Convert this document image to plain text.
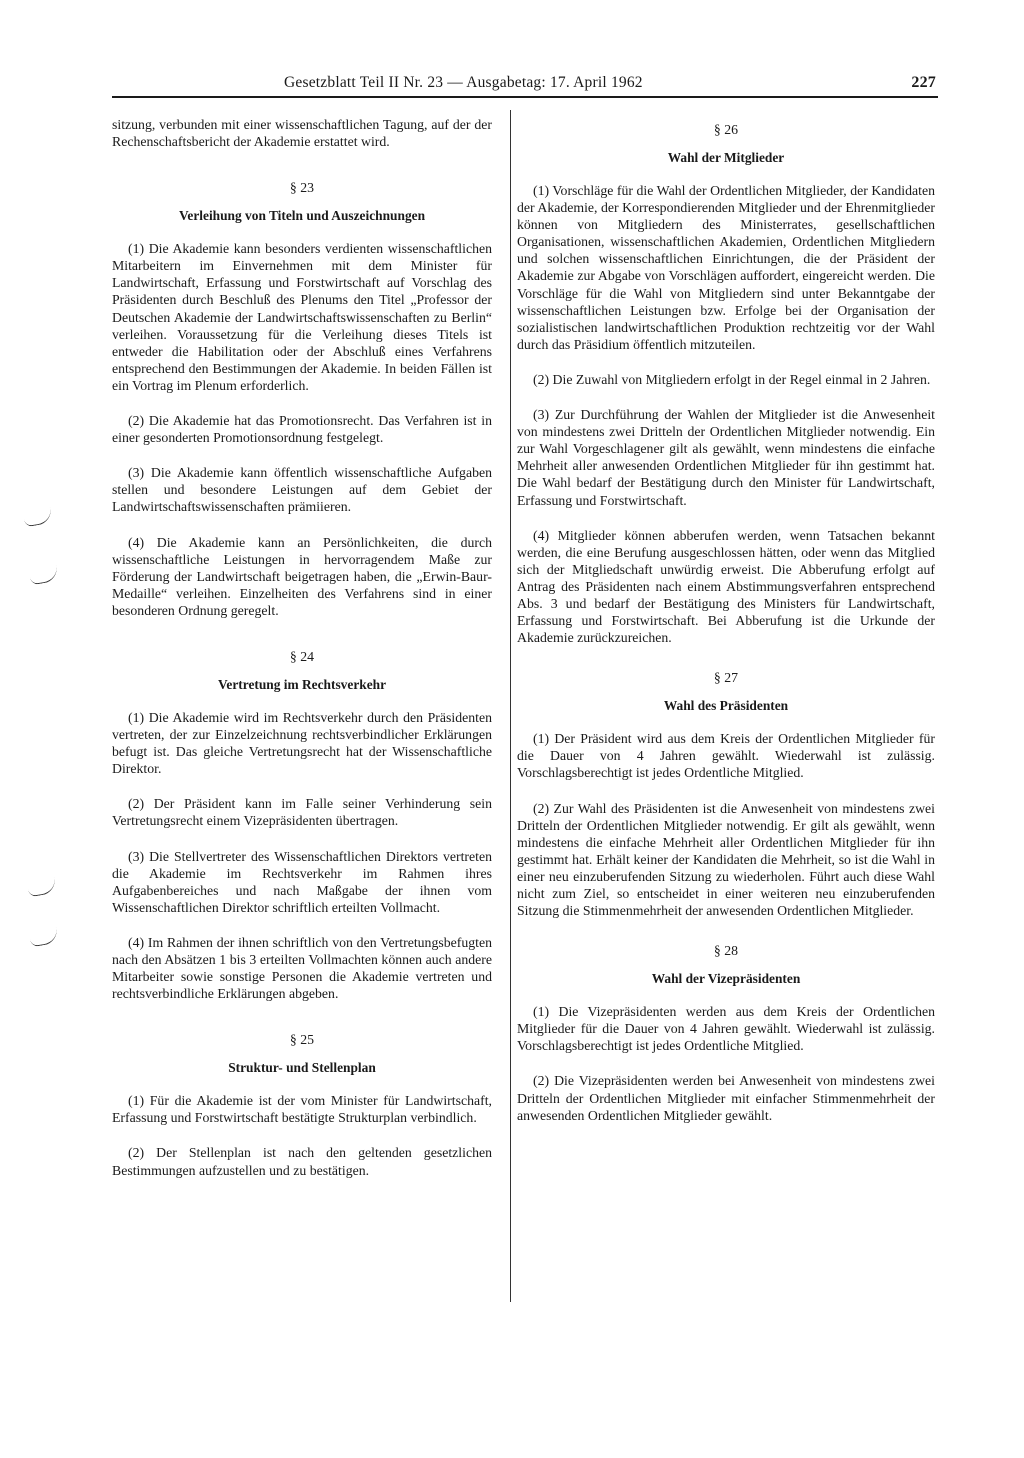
Gesetzblatt Teil II Nr. 23 — Ausgabetag: 17. April 1962	227

sitzung, verbunden mit einer wissenschaftlichen Tagung, auf der der Rechenschaftsbericht der Akademie erstattet wird.

§ 23
Verleihung von Titeln und Auszeichnungen

(1) Die Akademie kann besonders verdienten wissenschaftlichen Mitarbeitern im Einvernehmen mit dem Minister für Landwirtschaft, Erfassung und Forstwirtschaft auf Vorschlag des Präsidenten durch Beschluß des Plenums den Titel „Professor der Deutschen Akademie der Landwirtschaftswissenschaften zu Berlin“ verleihen. Voraussetzung für die Verleihung dieses Titels ist entweder die Habilitation oder der Abschluß eines Verfahrens entsprechend den Bestimmungen der Akademie. In beiden Fällen ist ein Vortrag im Plenum erforderlich.

(2) Die Akademie hat das Promotionsrecht. Das Verfahren ist in einer gesonderten Promotionsordnung festgelegt.

(3) Die Akademie kann öffentlich wissenschaftliche Aufgaben stellen und besondere Leistungen auf dem Gebiet der Landwirtschaftswissenschaften prämiieren.

(4) Die Akademie kann an Persönlichkeiten, die durch wissenschaftliche Leistungen in hervorragendem Maße zur Förderung der Landwirtschaft beigetragen haben, die „Erwin-Baur-Medaille“ verleihen. Einzelheiten des Verfahrens sind in einer besonderen Ordnung geregelt.

§ 24
Vertretung im Rechtsverkehr

(1) Die Akademie wird im Rechtsverkehr durch den Präsidenten vertreten, der zur Einzelzeichnung rechtsverbindlicher Erklärungen befugt ist. Das gleiche Vertretungsrecht hat der Wissenschaftliche Direktor.

(2) Der Präsident kann im Falle seiner Verhinderung sein Vertretungsrecht einem Vizepräsidenten übertragen.

(3) Die Stellvertreter des Wissenschaftlichen Direktors vertreten die Akademie im Rechtsverkehr im Rahmen ihres Aufgabenbereiches und nach Maßgabe der ihnen vom Wissenschaftlichen Direktor schriftlich erteilten Vollmacht.

(4) Im Rahmen der ihnen schriftlich von den Vertretungsbefugten nach den Absätzen 1 bis 3 erteilten Vollmachten können auch andere Mitarbeiter sowie sonstige Personen die Akademie vertreten und rechtsverbindliche Erklärungen abgeben.

§ 25
Struktur- und Stellenplan

(1) Für die Akademie ist der vom Minister für Landwirtschaft, Erfassung und Forstwirtschaft bestätigte Strukturplan verbindlich.

(2) Der Stellenplan ist nach den geltenden gesetzlichen Bestimmungen aufzustellen und zu bestätigen.

§ 26
Wahl der Mitglieder

(1) Vorschläge für die Wahl der Ordentlichen Mitglieder, der Kandidaten der Akademie, der Korrespondierenden Mitglieder und der Ehrenmitglieder können von Mitgliedern des Ministerrates, gesellschaftlichen Organisationen, wissenschaftlichen Akademien, Ordentlichen Mitgliedern und solchen wissenschaftlichen Einrichtungen, die der Präsident der Akademie zur Abgabe von Vorschlägen auffordert, eingereicht werden. Die Vorschläge für die Wahl von Mitgliedern sind unter Bekanntgabe der wissenschaftlichen Leistungen bzw. Erfolge bei der Organisation der sozialistischen landwirtschaftlichen Produktion rechtzeitig vor der Wahl durch das Präsidium öffentlich mitzuteilen.

(2) Die Zuwahl von Mitgliedern erfolgt in der Regel einmal in 2 Jahren.

(3) Zur Durchführung der Wahlen der Mitglieder ist die Anwesenheit von mindestens zwei Dritteln der Ordentlichen Mitglieder notwendig. Ein zur Wahl Vorgeschlagener gilt als gewählt, wenn mindestens die einfache Mehrheit aller anwesenden Ordentlichen Mitglieder für ihn gestimmt hat. Die Wahl bedarf der Bestätigung durch den Minister für Landwirtschaft, Erfassung und Forstwirtschaft.

(4) Mitglieder können abberufen werden, wenn Tatsachen bekannt werden, die eine Berufung ausgeschlossen hätten, oder wenn das Mitglied sich der Mitgliedschaft unwürdig erweist. Die Abberufung erfolgt auf Antrag des Präsidenten nach einem Abstimmungsverfahren entsprechend Abs. 3 und bedarf der Bestätigung des Ministers für Landwirtschaft, Erfassung und Forstwirtschaft. Bei Abberufung ist die Urkunde der Akademie zurückzureichen.

§ 27
Wahl des Präsidenten

(1) Der Präsident wird aus dem Kreis der Ordentlichen Mitglieder für die Dauer von 4 Jahren gewählt. Wiederwahl ist zulässig. Vorschlagsberechtigt ist jedes Ordentliche Mitglied.

(2) Zur Wahl des Präsidenten ist die Anwesenheit von mindestens zwei Dritteln der Ordentlichen Mitglieder notwendig. Er gilt als gewählt, wenn mindestens die einfache Mehrheit aller Ordentlichen Mitglieder für ihn gestimmt hat. Erhält keiner der Kandidaten die Mehrheit, so ist die Wahl in einer neu einzuberufenden Sitzung zu wiederholen. Führt auch diese Wahl nicht zum Ziel, so entscheidet in einer weiteren neu einzuberufenden Sitzung die Stimmenmehrheit der anwesenden Ordentlichen Mitglieder.

§ 28
Wahl der Vizepräsidenten

(1) Die Vizepräsidenten werden aus dem Kreis der Ordentlichen Mitglieder für die Dauer von 4 Jahren gewählt. Wiederwahl ist zulässig. Vorschlagsberechtigt ist jedes Ordentliche Mitglied.

(2) Die Vizepräsidenten werden bei Anwesenheit von mindestens zwei Dritteln der Ordentlichen Mitglieder mit einfacher Stimmenmehrheit der anwesenden Ordentlichen Mitglieder gewählt.
